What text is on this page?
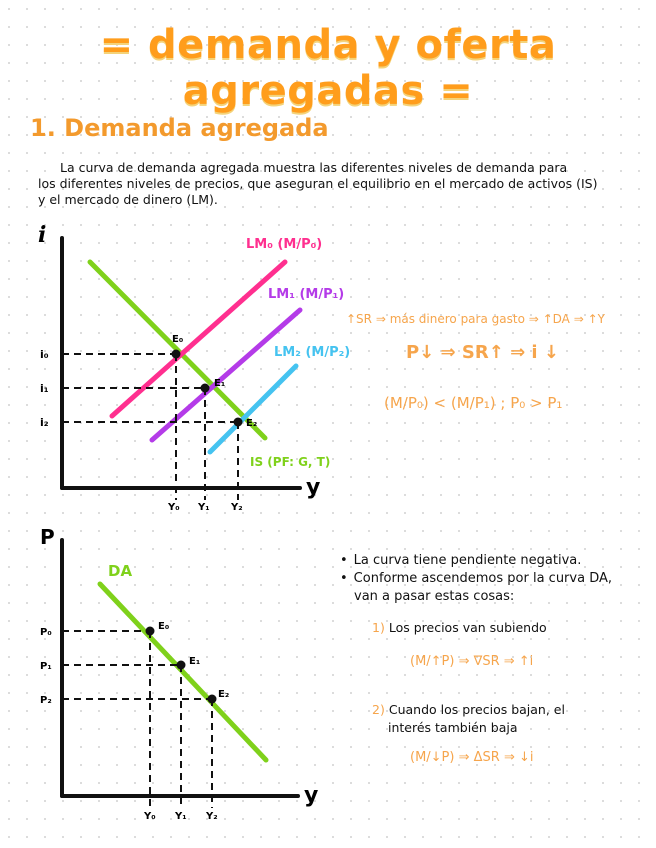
= demanda y oferta agregadas =
1. Demanda agregada
La curva de demanda agregada muestra las diferentes niveles de demanda para
los diferentes niveles de precios, que aseguran el equilibrio en el mercado de activos (IS)
y el mercado de dinero (LM).
i
y
E₀
E₁
E₂
i₀
i₁
i₂
Y₀ Y₁ Y₂
LM₀ (M/P₀)
LM₁ (M/P₁)
LM₂ (M/P₂)
IS (PF: G, T)
P
y
DA
E₀
E₁
E₂
P₀
P₁
P₂
Y₀ Y₁ Y₂
↑SR ⇒ más dinero para gasto ⇒ ↑DA ⇒ ↑Y
P↓ ⇒ SR↑ ⇒ i ↓
(M/P₀) < (M/P₁) ; P₀ > P₁
• La curva tiene pendiente negativa.
• Conforme ascendemos por la curva DA,
van a pasar estas cosas:
1) Los precios van subiendo
(M/↑P) ⇒ ∇SR ⇒ ↑i
2) Cuando los precios bajan, el
interés también baja
(M/↓P) ⇒ ΔSR ⇒ ↓i
